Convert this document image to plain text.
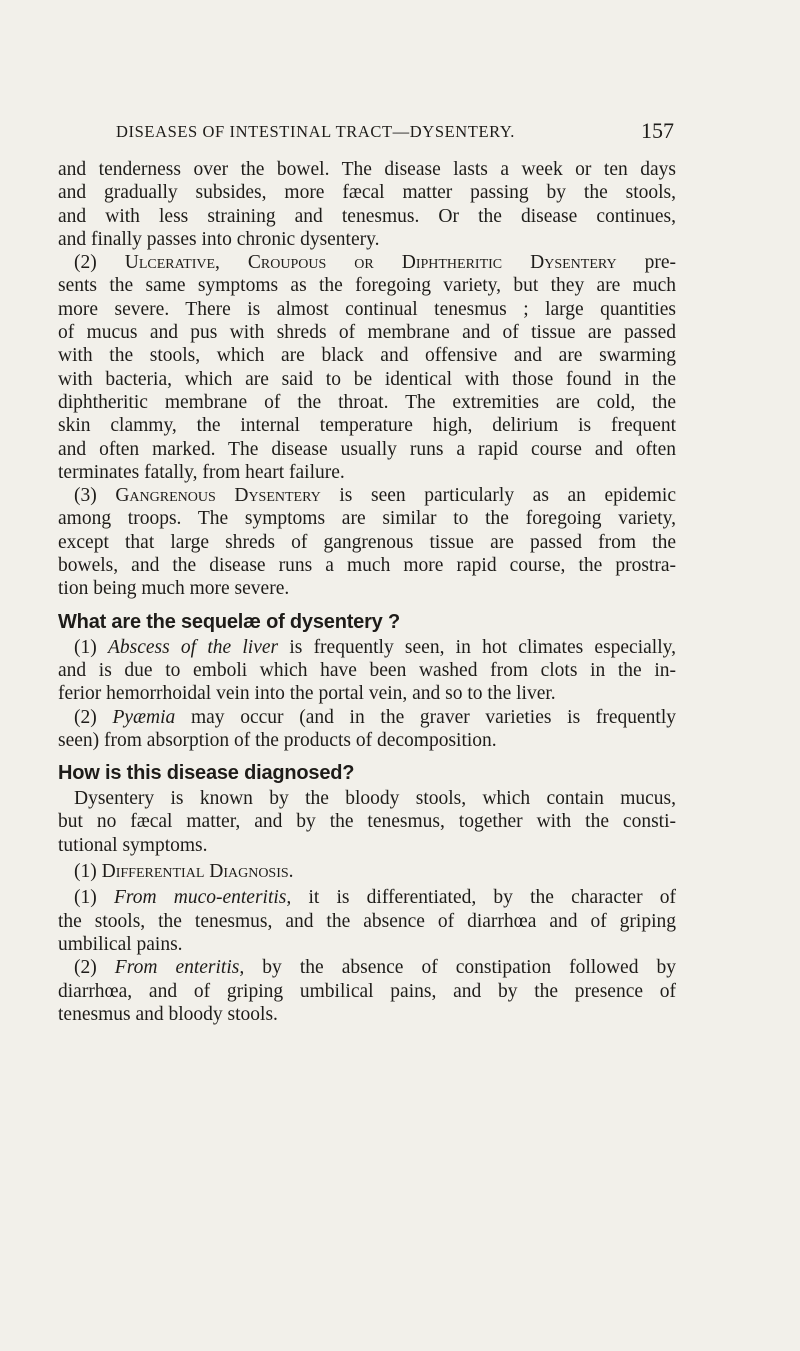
DISEASES OF INTESTINAL TRACT—DYSENTERY.	157
and tenderness over the bowel. The disease lasts a week or ten days
and gradually subsides, more fæcal matter passing by the stools,
and with less straining and tenesmus. Or the disease continues,
and finally passes into chronic dysentery.
(2) Ulcerative, Croupous or Diphtheritic Dysentery pre-
sents the same symptoms as the foregoing variety, but they are much
more severe. There is almost continual tenesmus ; large quantities
of mucus and pus with shreds of membrane and of tissue are passed
with the stools, which are black and offensive and are swarming
with bacteria, which are said to be identical with those found in the
diphtheritic membrane of the throat. The extremities are cold, the
skin clammy, the internal temperature high, delirium is frequent
and often marked. The disease usually runs a rapid course and often
terminates fatally, from heart failure.
(3) Gangrenous Dysentery is seen particularly as an epidemic
among troops. The symptoms are similar to the foregoing variety,
except that large shreds of gangrenous tissue are passed from the
bowels, and the disease runs a much more rapid course, the prostra-
tion being much more severe.
What are the sequelæ of dysentery ?
(1) Abscess of the liver is frequently seen, in hot climates especially,
and is due to emboli which have been washed from clots in the in-
ferior hemorrhoidal vein into the portal vein, and so to the liver.
(2) Pyæmia may occur (and in the graver varieties is frequently
seen) from absorption of the products of decomposition.
How is this disease diagnosed?
Dysentery is known by the bloody stools, which contain mucus,
but no fæcal matter, and by the tenesmus, together with the consti-
tutional symptoms.
(1) Differential Diagnosis.
(1) From muco-enteritis, it is differentiated, by the character of
the stools, the tenesmus, and the absence of diarrhœa and of griping
umbilical pains.
(2) From enteritis, by the absence of constipation followed by
diarrhœa, and of griping umbilical pains, and by the presence of
tenesmus and bloody stools.
